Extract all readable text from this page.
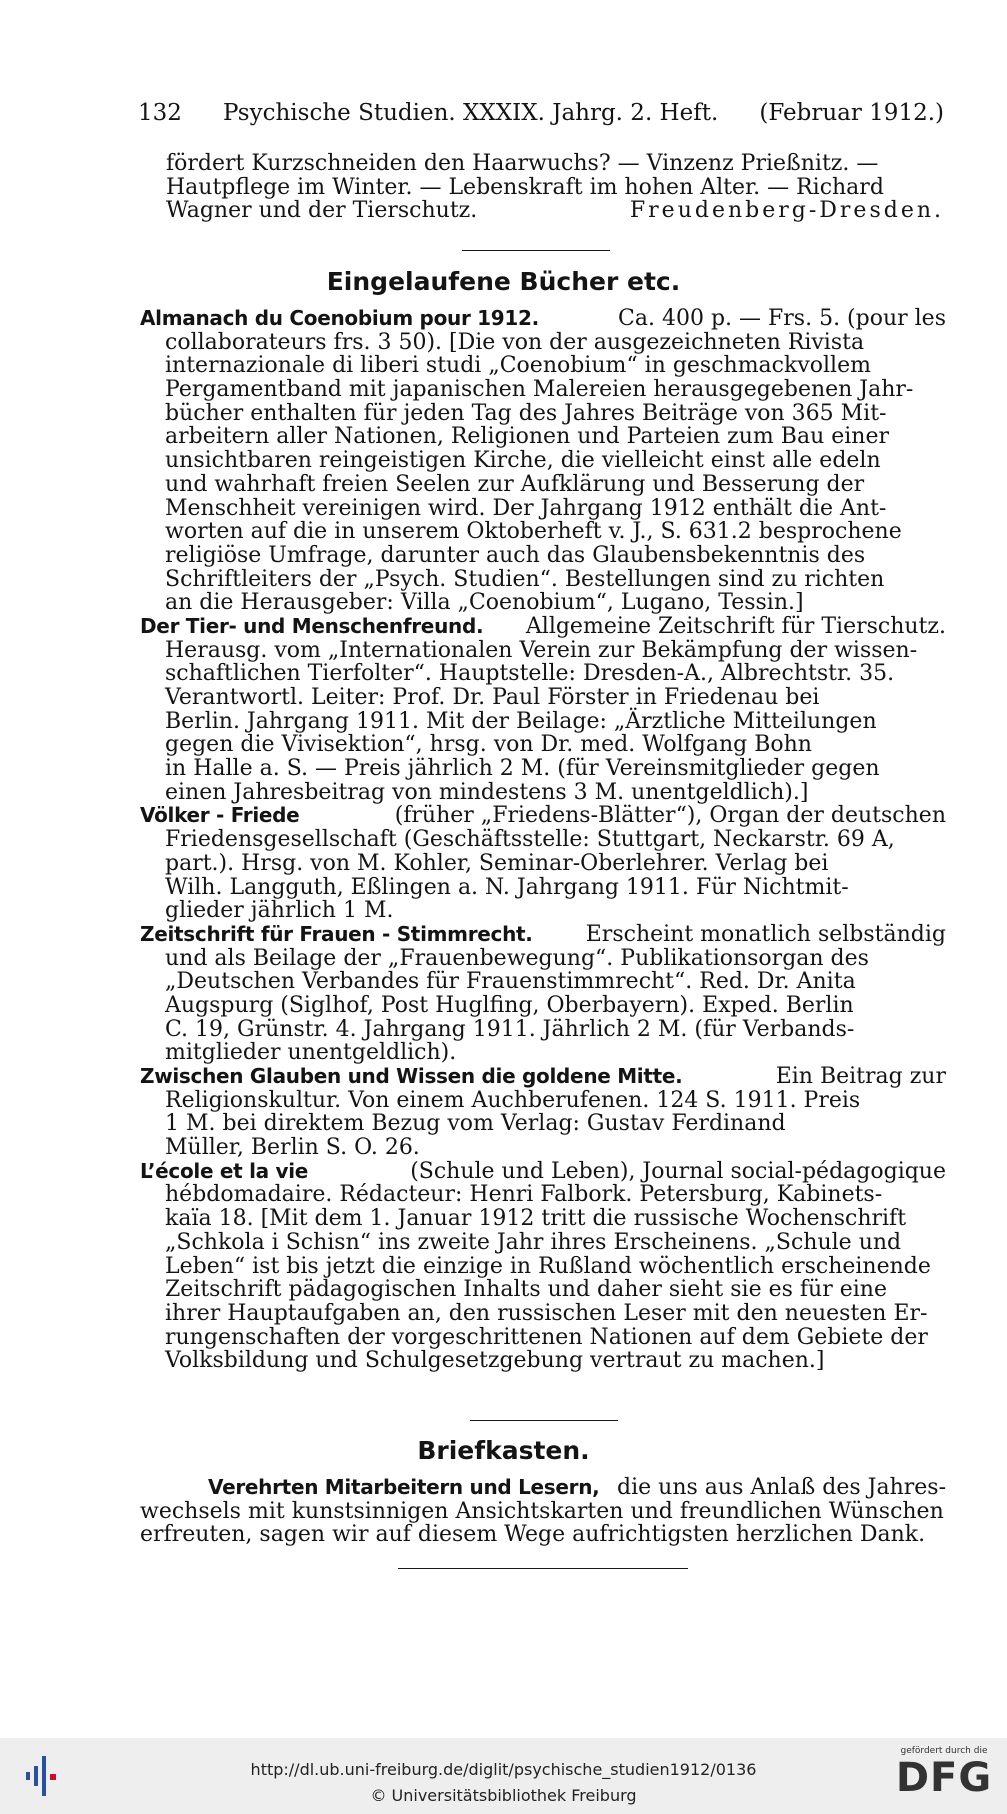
132 Psychische Studien. XXXIX. Jahrg. 2. Heft. (Februar 1912.)
fördert Kurzschneiden den Haarwuchs? — Vinzenz Prießnitz. —
Hautpflege im Winter. — Lebenskraft im hohen Alter. — Richard
Wagner und der Tierschutz.	Freudenberg-Dresden.
Eingelaufene Bücher etc.
Almanach du Coenobium pour 1912.	Ca. 400 p. — Frs. 5. (pour les
collaborateurs frs. 3 50). [Die von der ausgezeichneten Rivista
internazionale di liberi studi „Coenobium“ in geschmackvollem
Pergamentband mit japanischen Malereien herausgegebenen Jahr-
bücher enthalten für jeden Tag des Jahres Beiträge von 365 Mit-
arbeitern aller Nationen, Religionen und Parteien zum Bau einer
unsichtbaren reingeistigen Kirche, die vielleicht einst alle edeln
und wahrhaft freien Seelen zur Aufklärung und Besserung der
Menschheit vereinigen wird. Der Jahrgang 1912 enthält die Ant-
worten auf die in unserem Oktoberheft v. J., S. 631.2 besprochene
religiöse Umfrage, darunter auch das Glaubensbekenntnis des
Schriftleiters der „Psych. Studien“. Bestellungen sind zu richten
an die Herausgeber: Villa „Coenobium“, Lugano, Tessin.]
Der Tier- und Menschenfreund. Allgemeine Zeitschrift für Tierschutz.
Herausg. vom „Internationalen Verein zur Bekämpfung der wissen-
schaftlichen Tierfolter“. Hauptstelle: Dresden-A., Albrechtstr. 35.
Verantwortl. Leiter: Prof. Dr. Paul Förster in Friedenau bei
Berlin. Jahrgang 1911. Mit der Beilage: „Ärztliche Mitteilungen
gegen die Vivisektion“, hrsg. von Dr. med. Wolfgang Bohn
in Halle a. S. — Preis jährlich 2 M. (für Vereinsmitglieder gegen
einen Jahresbeitrag von mindestens 3 M. unentgeldlich).]
Völker - Friede	(früher „Friedens-Blätter“), Organ der deutschen
Friedensgesellschaft (Geschäftsstelle: Stuttgart, Neckarstr. 69 A,
part.). Hrsg. von M. Kohler, Seminar-Oberlehrer. Verlag bei
Wilh. Langguth, Eßlingen a. N. Jahrgang 1911. Für Nichtmit-
glieder jährlich 1 M.
Zeitschrift für Frauen - Stimmrecht. Erscheint monatlich selbständig
und als Beilage der „Frauenbewegung“. Publikationsorgan des
„Deutschen Verbandes für Frauenstimmrecht“. Red. Dr. Anita
Augspurg (Siglhof, Post Huglfing, Oberbayern). Exped. Berlin
C. 19, Grünstr. 4. Jahrgang 1911. Jährlich 2 M. (für Verbands-
mitglieder unentgeldlich).
Zwischen Glauben und Wissen die goldene Mitte.	Ein Beitrag zur
Religionskultur. Von einem Auchberufenen. 124 S. 1911. Preis
1 M. bei direktem Bezug vom Verlag: Gustav Ferdinand
Müller, Berlin S. O. 26.
L’école et la vie	(Schule und Leben), Journal social-pédagogique
hébdomadaire. Rédacteur: Henri Falbork. Petersburg, Kabinets-
kaïa 18. [Mit dem 1. Januar 1912 tritt die russische Wochenschrift
„Schkola i Schisn“ ins zweite Jahr ihres Erscheinens. „Schule und
Leben“ ist bis jetzt die einzige in Rußland wöchentlich erscheinende
Zeitschrift pädagogischen Inhalts und daher sieht sie es für eine
ihrer Hauptaufgaben an, den russischen Leser mit den neuesten Er-
rungenschaften der vorgeschrittenen Nationen auf dem Gebiete der
Volksbildung und Schulgesetzgebung vertraut zu machen.]
Briefkasten.
Verehrten Mitarbeitern und Lesern, die uns aus Anlaß des Jahres-
wechsels mit kunstsinnigen Ansichtskarten und freundlichen Wünschen
erfreuten, sagen wir auf diesem Wege aufrichtigsten herzlichen Dank.
http://dl.ub.uni-freiburg.de/diglit/psychische_studien1912/0136
© Universitätsbibliothek Freiburg
gefördert durch die
DFG
